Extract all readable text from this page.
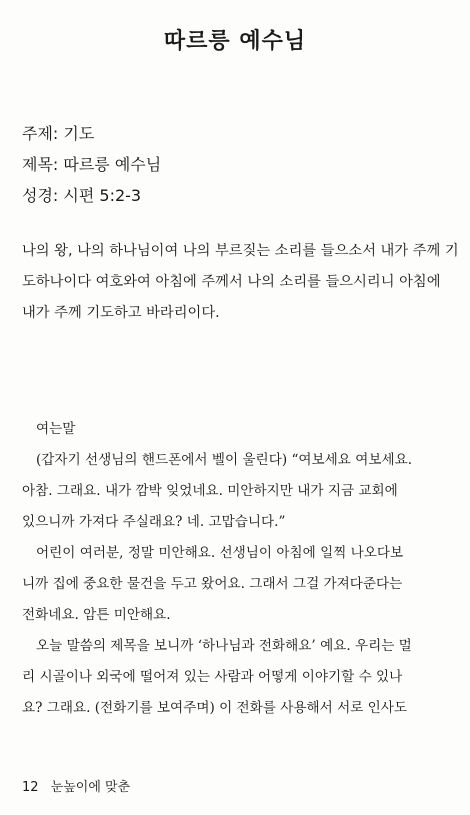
따르릉 예수님
주제: 기도
제목: 따르릉 예수님
성경: 시편 5:2-3
나의 왕, 나의 하나님이여 나의 부르짖는 소리를 들으소서 내가 주께 기
도하나이다 여호와여 아침에 주께서 나의 소리를 들으시리니 아침에
내가 주께 기도하고 바라리이다.
여는말
(갑자기 선생님의 핸드폰에서 벨이 울린다) “여보세요 여보세요.
아참. 그래요. 내가 깜박 잊었네요. 미안하지만 내가 지금 교회에
있으니까 가져다 주실래요? 네. 고맙습니다.”
어린이 여러분, 정말 미안해요. 선생님이 아침에 일찍 나오다보
니까 집에 중요한 물건을 두고 왔어요. 그래서 그걸 가져다준다는
전화네요. 암튼 미안해요.
오늘 말씀의 제목을 보니까 ‘하나님과 전화해요’ 예요. 우리는 멀
리 시골이나 외국에 떨어져 있는 사람과 어떻게 이야기할 수 있나
요? 그래요. (전화기를 보여주며) 이 전화를 사용해서 서로 인사도
12 눈높이에 맞춘
